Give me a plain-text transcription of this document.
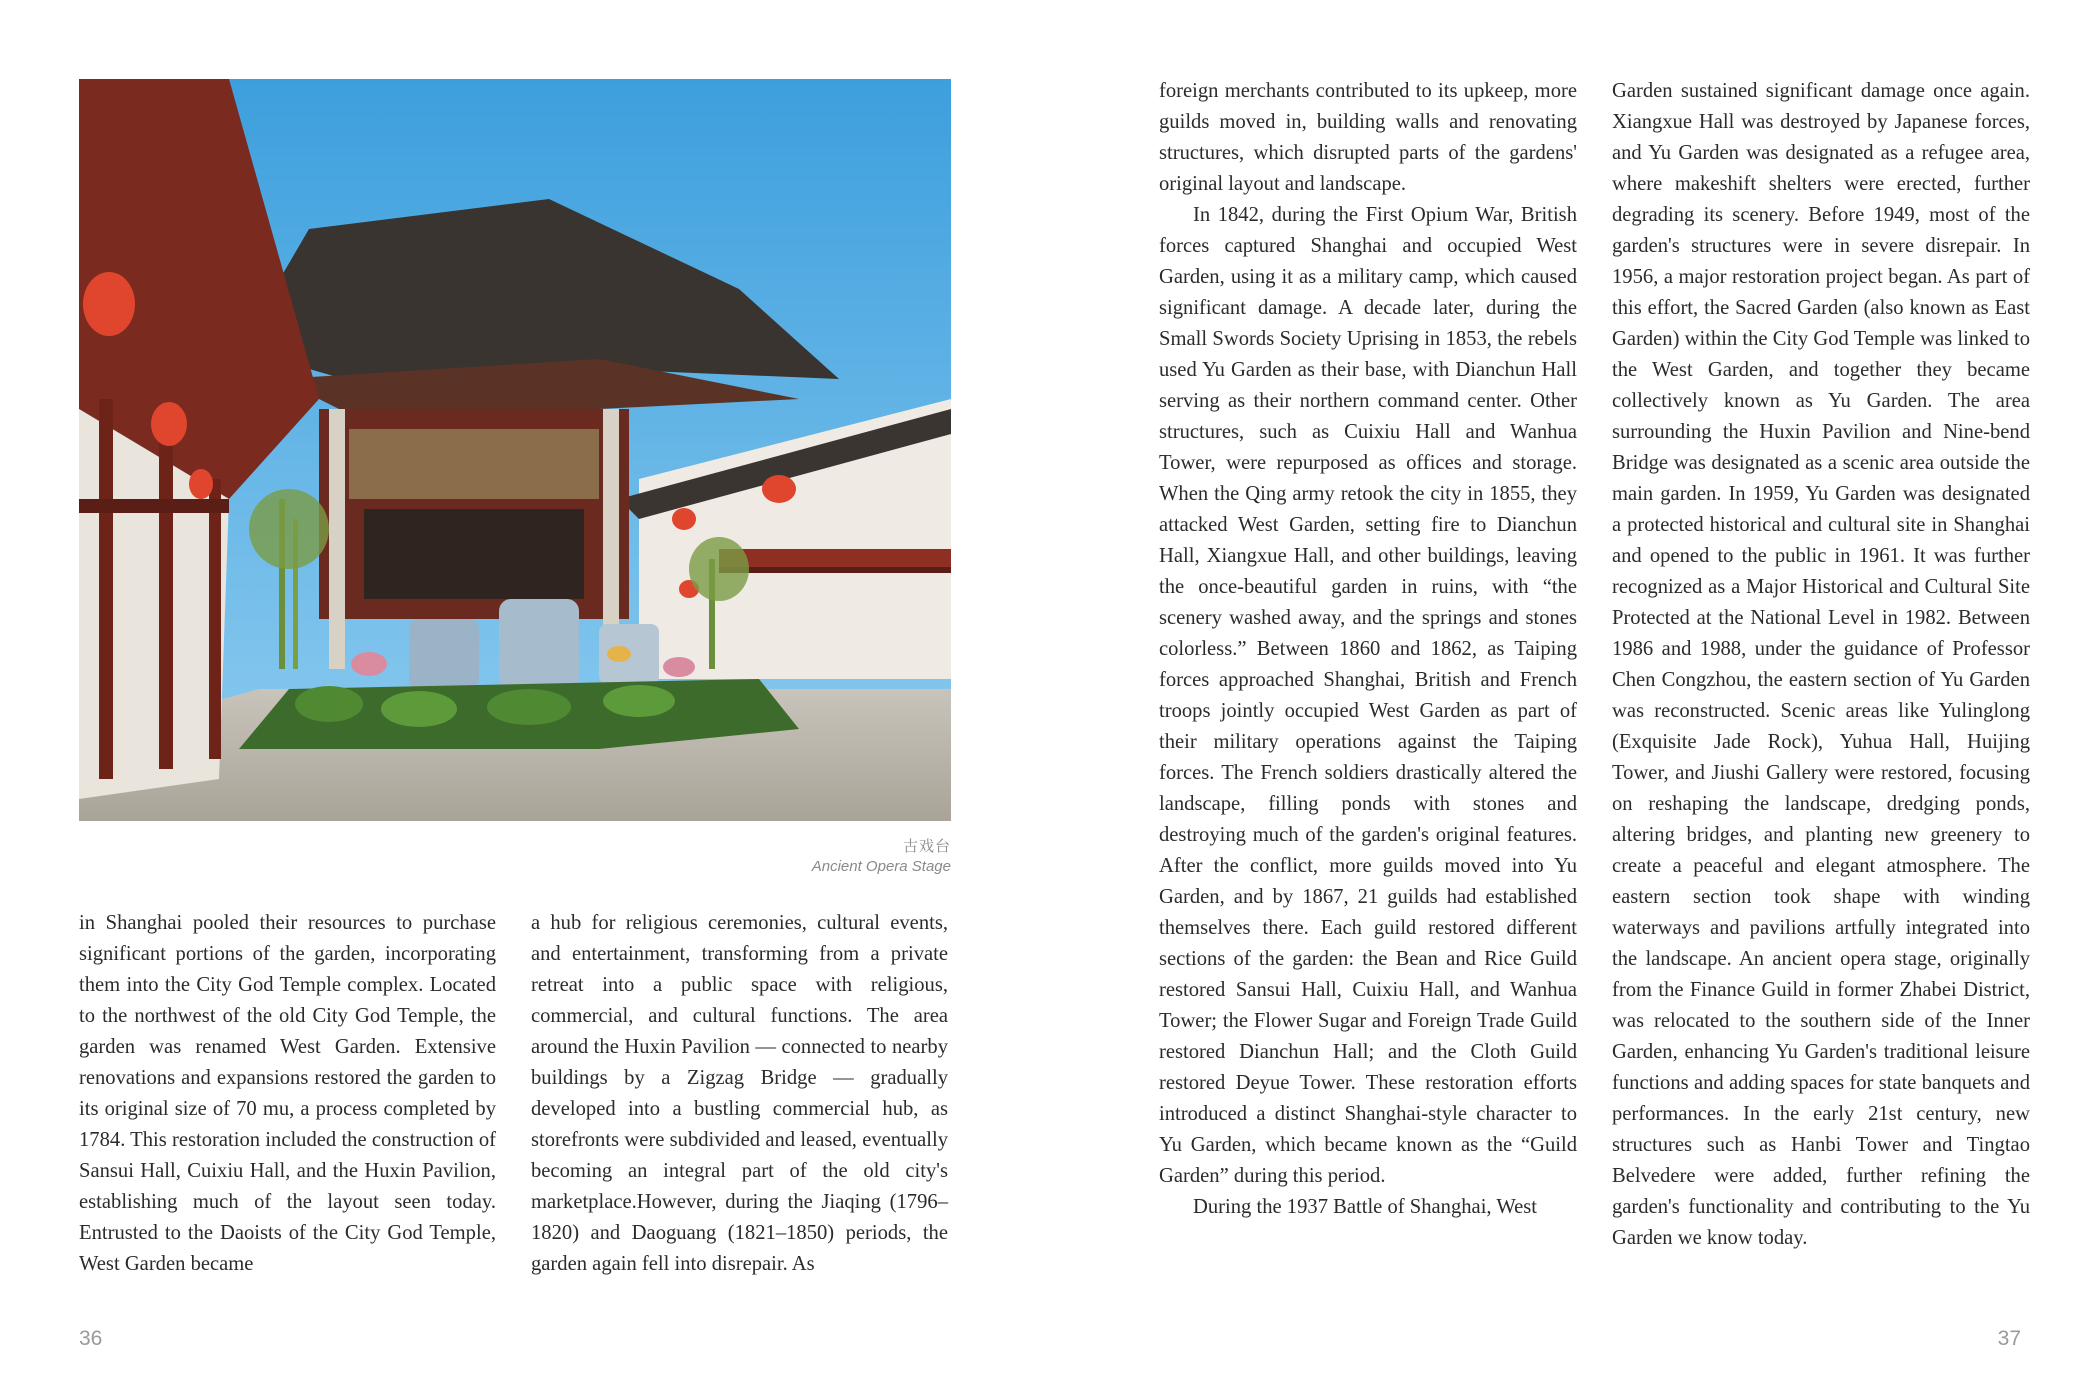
古戏台
Ancient Opera Stage

in Shanghai pooled their resources to purchase significant portions of the garden, incorporating them into the City God Temple complex. Located to the northwest of the old City God Temple, the garden was renamed West Garden. Extensive renovations and expansions restored the garden to its original size of 70 mu, a process completed by 1784. This restoration included the construction of Sansui Hall, Cuixiu Hall, and the Huxin Pavilion, establishing much of the layout seen today. Entrusted to the Daoists of the City God Temple, West Garden became

a hub for religious ceremonies, cultural events, and entertainment, transforming from a private retreat into a public space with religious, commercial, and cultural functions. The area around the Huxin Pavilion — connected to nearby buildings by a Zigzag Bridge — gradually developed into a bustling commercial hub, as storefronts were subdivided and leased, eventually becoming an integral part of the old city's marketplace.However, during the Jiaqing (1796–1820) and Daoguang (1821–1850) periods, the garden again fell into disrepair. As

foreign merchants contributed to its upkeep, more guilds moved in, building walls and renovating structures, which disrupted parts of the gardens' original layout and landscape.

In 1842, during the First Opium War, British forces captured Shanghai and occupied West Garden, using it as a military camp, which caused significant damage. A decade later, during the Small Swords Society Uprising in 1853, the rebels used Yu Garden as their base, with Dianchun Hall serving as their northern command center. Other structures, such as Cuixiu Hall and Wanhua Tower, were repurposed as offices and storage. When the Qing army retook the city in 1855, they attacked West Garden, setting fire to Dianchun Hall, Xiangxue Hall, and other buildings, leaving the once-beautiful garden in ruins, with “the scenery washed away, and the springs and stones colorless.” Between 1860 and 1862, as Taiping forces approached Shanghai, British and French troops jointly occupied West Garden as part of their military operations against the Taiping forces. The French soldiers drastically altered the landscape, filling ponds with stones and destroying much of the garden's original features. After the conflict, more guilds moved into Yu Garden, and by 1867, 21 guilds had established themselves there. Each guild restored different sections of the garden: the Bean and Rice Guild restored Sansui Hall, Cuixiu Hall, and Wanhua Tower; the Flower Sugar and Foreign Trade Guild restored Dianchun Hall; and the Cloth Guild restored Deyue Tower. These restoration efforts introduced a distinct Shanghai-style character to Yu Garden, which became known as the “Guild Garden” during this period.

During the 1937 Battle of Shanghai, West

Garden sustained significant damage once again. Xiangxue Hall was destroyed by Japanese forces, and Yu Garden was designated as a refugee area, where makeshift shelters were erected, further degrading its scenery. Before 1949, most of the garden's structures were in severe disrepair. In 1956, a major restoration project began. As part of this effort, the Sacred Garden (also known as East Garden) within the City God Temple was linked to the West Garden, and together they became collectively known as Yu Garden. The area surrounding the Huxin Pavilion and Nine-bend Bridge was designated as a scenic area outside the main garden. In 1959, Yu Garden was designated a protected historical and cultural site in Shanghai and opened to the public in 1961. It was further recognized as a Major Historical and Cultural Site Protected at the National Level in 1982. Between 1986 and 1988, under the guidance of Professor Chen Congzhou, the eastern section of Yu Garden was reconstructed. Scenic areas like Yulinglong (Exquisite Jade Rock), Yuhua Hall, Huijing Tower, and Jiushi Gallery were restored, focusing on reshaping the landscape, dredging ponds, altering bridges, and planting new greenery to create a peaceful and elegant atmosphere. The eastern section took shape with winding waterways and pavilions artfully integrated into the landscape. An ancient opera stage, originally from the Finance Guild in former Zhabei District, was relocated to the southern side of the Inner Garden, enhancing Yu Garden's traditional leisure functions and adding spaces for state banquets and performances. In the early 21st century, new structures such as Hanbi Tower and Tingtao Belvedere were added, further refining the garden's functionality and contributing to the Yu Garden we know today.

36	37
